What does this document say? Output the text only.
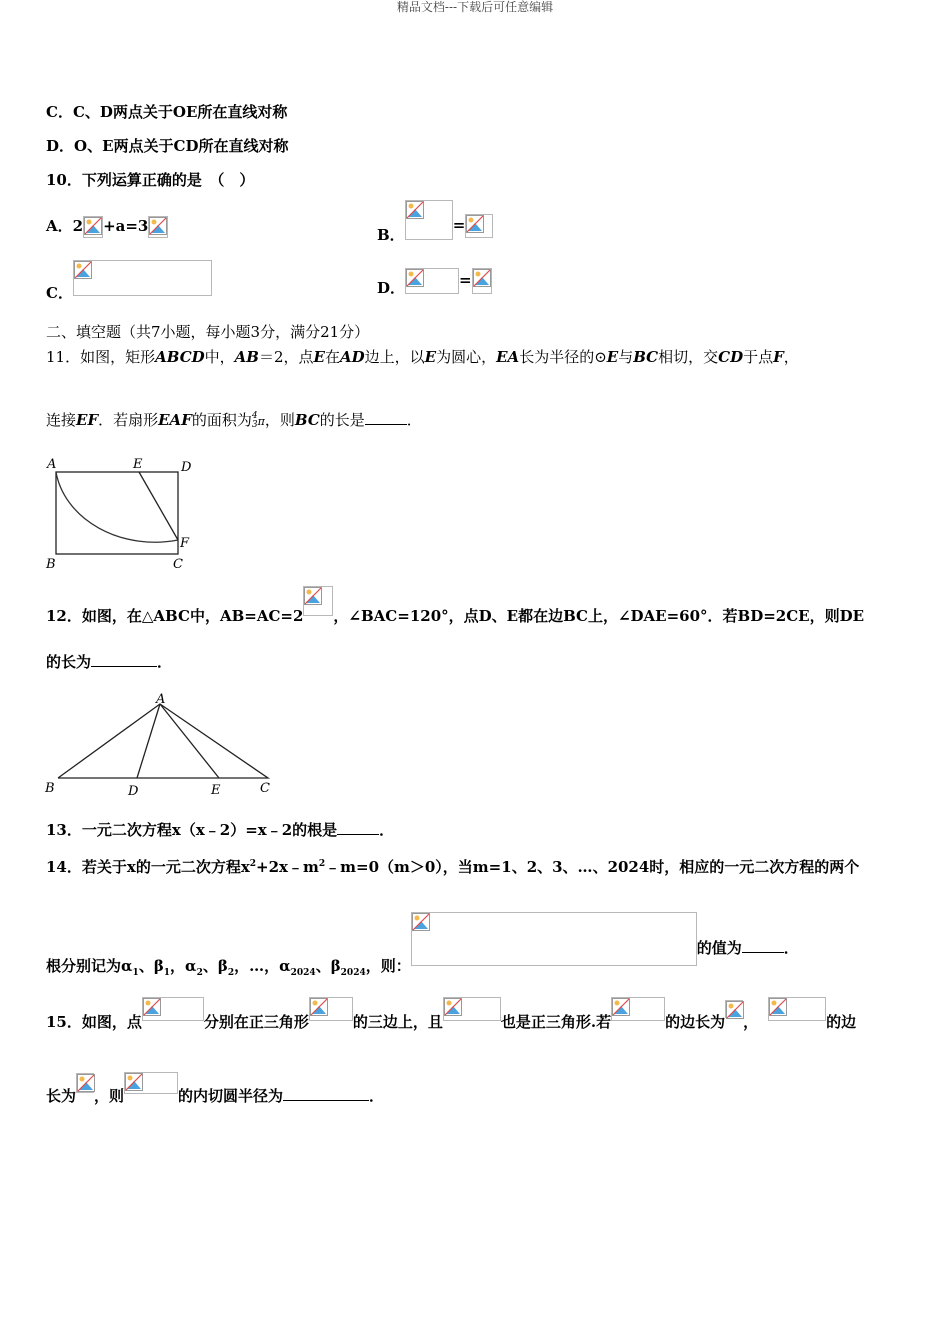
精品文档---下载后可任意编辑
C．C、D两点关于OE所在直线对称
D．O、E两点关于CD所在直线对称
10．下列运算正确的是　（　）
A．2 +a=3	B．
=
C．	D．	=
二、填空题（共7小题，每小题3分，满分21分）
11．如图，矩形ABCD中，AB＝2，点E在AD边上，以E为圆心，EA长为半径的⊙E与BC相切，交CD于点F，
连接EF．若扇形EAF的面积为 4
3 π，则BC的长是	．
A	E	D
B	C
F
12．如图，在△ABC中，AB=AC=2 ，∠BAC=120°，点D、E都在边BC上，∠DAE=60°．若BD=2CE，则DE
的长为	．
A
B	D	E	C
13．一元二次方程x（x﹣2）=x﹣2的根是	．
14．若关于x的一元二次方程$x^2+2x﹣m^2﹣m=0(m>0)$，当m=1、2、3、…、2024时，相应的一元二次方程的两个
根分别记为$\alpha_1$、$\beta_1$，$\alpha_2$、$\beta_2$，…，$\alpha_{2024}$、$\beta_{2024}$，则：
的值为	．
15．如图，点	分别在正三角形	的三边上，且	也是正三角形.若	的边长为 ，	的边
长为 ，则	的内切圆半径为	．
